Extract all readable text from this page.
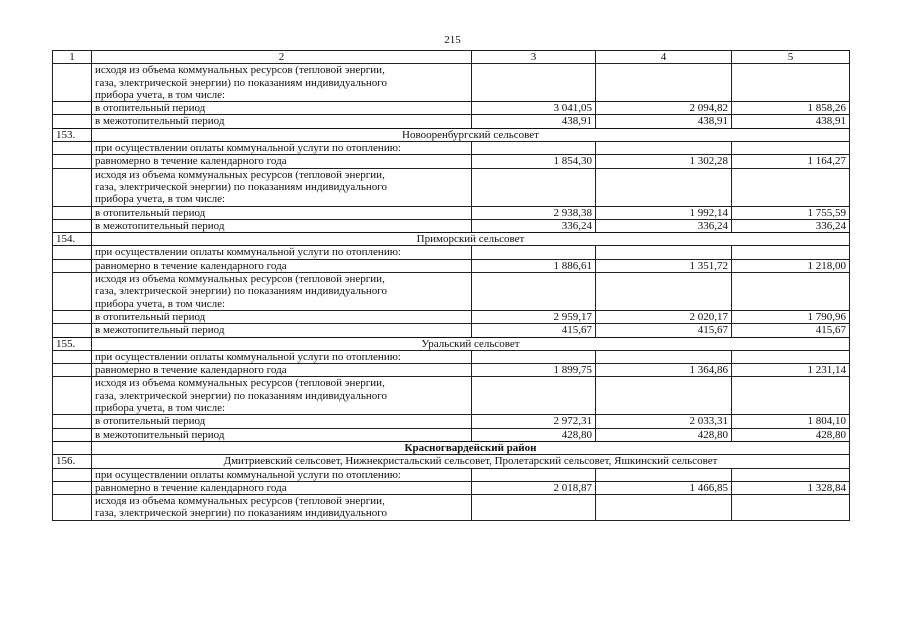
215
1	2	3	4	5

	исходя из объема коммунальных ресурсов (тепловой энергии,
газа, электрической энергии) по показаниям индивидуального
прибора учета, в том числе:			

	в отопительный период	3 041,05	2 094,82	1 858,26
	в межотопительный период	438,91	438,91	438,91
153.	Новооренбургский сельсовет			
	при осуществлении оплаты коммунальной услуги по отоплению:			
	равномерно в течение календарного года	1 854,30	1 302,28	1 164,27

	исходя из объема коммунальных ресурсов (тепловой энергии,
газа, электрической энергии) по показаниям индивидуального
прибора учета, в том числе:			

	в отопительный период	2 938,38	1 992,14	1 755,59
	в межотопительный период	336,24	336,24	336,24
154.	Приморский сельсовет			
	при осуществлении оплаты коммунальной услуги по отоплению:			
	равномерно в течение календарного года	1 886,61	1 351,72	1 218,00

	исходя из объема коммунальных ресурсов (тепловой энергии,
газа, электрической энергии) по показаниям индивидуального
прибора учета, в том числе:			

	в отопительный период	2 959,17	2 020,17	1 790,96
	в межотопительный период	415,67	415,67	415,67
155.	Уральский сельсовет			
	при осуществлении оплаты коммунальной услуги по отоплению:			
	равномерно в течение календарного года	1 899,75	1 364,86	1 231,14

	исходя из объема коммунальных ресурсов (тепловой энергии,
газа, электрической энергии) по показаниям индивидуального
прибора учета, в том числе:			

	в отопительный период	2 972,31	2 033,31	1 804,10
	в межотопительный период	428,80	428,80	428,80
	Красногвардейский район			
156.	Дмитриевский сельсовет, Нижнекристальский сельсовет, Пролетарский сельсовет, Яшкинский сельсовет			
	при осуществлении оплаты коммунальной услуги по отоплению:			
	равномерно в течение календарного года	2 018,87	1 466,85	1 328,84

	исходя из объема коммунальных ресурсов (тепловой энергии,
газа, электрической энергии) по показаниям индивидуального			
